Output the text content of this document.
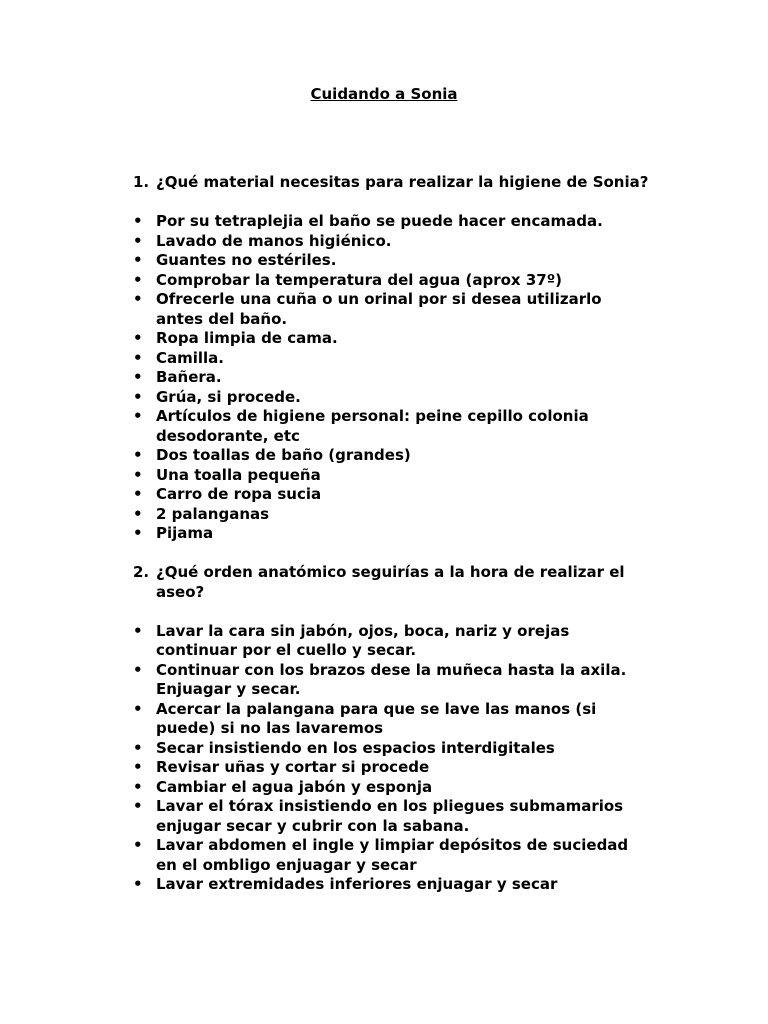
Cuidando a Sonia
1. ¿Qué material necesitas para realizar la higiene de Sonia?
• Por su tetraplejia el baño se puede hacer encamada.
• Lavado de manos higiénico.
• Guantes no estériles.
• Comprobar la temperatura del agua (aprox 37º)
• Ofrecerle una cuña o un orinal por si desea utilizarlo antes del baño.
• Ropa limpia de cama.
• Camilla.
• Bañera.
• Grúa, si procede.
• Artículos de higiene personal: peine cepillo colonia desodorante, etc
• Dos toallas de baño (grandes)
• Una toalla pequeña
• Carro de ropa sucia
• 2 palanganas
• Pijama
2. ¿Qué orden anatómico seguirías a la hora de realizar el aseo?
• Lavar la cara sin jabón, ojos, boca, nariz y orejas continuar por el cuello y secar.
• Continuar con los brazos dese la muñeca hasta la axila. Enjuagar y secar.
• Acercar la palangana para que se lave las manos (si puede) si no las lavaremos
• Secar insistiendo en los espacios interdigitales
• Revisar uñas y cortar si procede
• Cambiar el agua jabón y esponja
• Lavar el tórax insistiendo en los pliegues submamarios enjugar secar y cubrir con la sabana.
• Lavar abdomen el ingle y limpiar depósitos de suciedad en el ombligo enjuagar y secar
• Lavar extremidades inferiores enjuagar y secar
